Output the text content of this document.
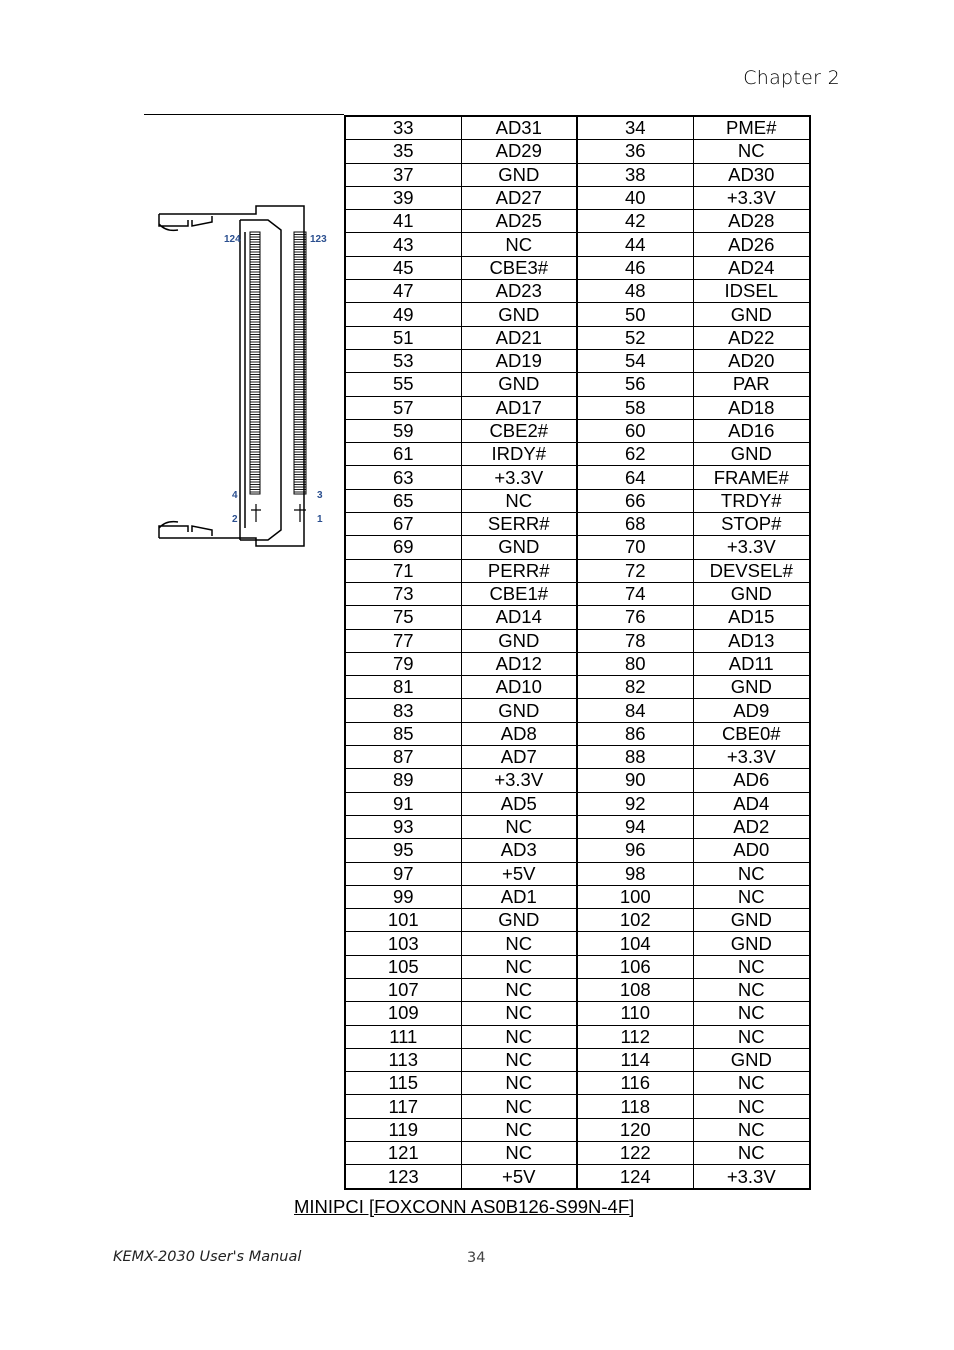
Chapter 2
124	123
4	3
2	1
33	AD31	34	PME#
35	AD29	36	NC
37	GND	38	AD30
39	AD27	40	+3.3V
41	AD25	42	AD28
43	NC	44	AD26
45	CBE3#	46	AD24
47	AD23	48	IDSEL
49	GND	50	GND
51	AD21	52	AD22
53	AD19	54	AD20
55	GND	56	PAR
57	AD17	58	AD18
59	CBE2#	60	AD16
61	IRDY#	62	GND
63	+3.3V	64	FRAME#
65	NC	66	TRDY#
67	SERR#	68	STOP#
69	GND	70	+3.3V
71	PERR#	72	DEVSEL#
73	CBE1#	74	GND
75	AD14	76	AD15
77	GND	78	AD13
79	AD12	80	AD11
81	AD10	82	GND
83	GND	84	AD9
85	AD8	86	CBE0#
87	AD7	88	+3.3V
89	+3.3V	90	AD6
91	AD5	92	AD4
93	NC	94	AD2
95	AD3	96	AD0
97	+5V	98	NC
99	AD1	100	NC
101	GND	102	GND
103	NC	104	GND
105	NC	106	NC
107	NC	108	NC
109	NC	110	NC
111	NC	112	NC
113	NC	114	GND
115	NC	116	NC
117	NC	118	NC
119	NC	120	NC
121	NC	122	NC
123	+5V	124	+3.3V
MINIPCI [FOXCONN AS0B126-S99N-4F]
KEMX-2030 User's Manual	34
